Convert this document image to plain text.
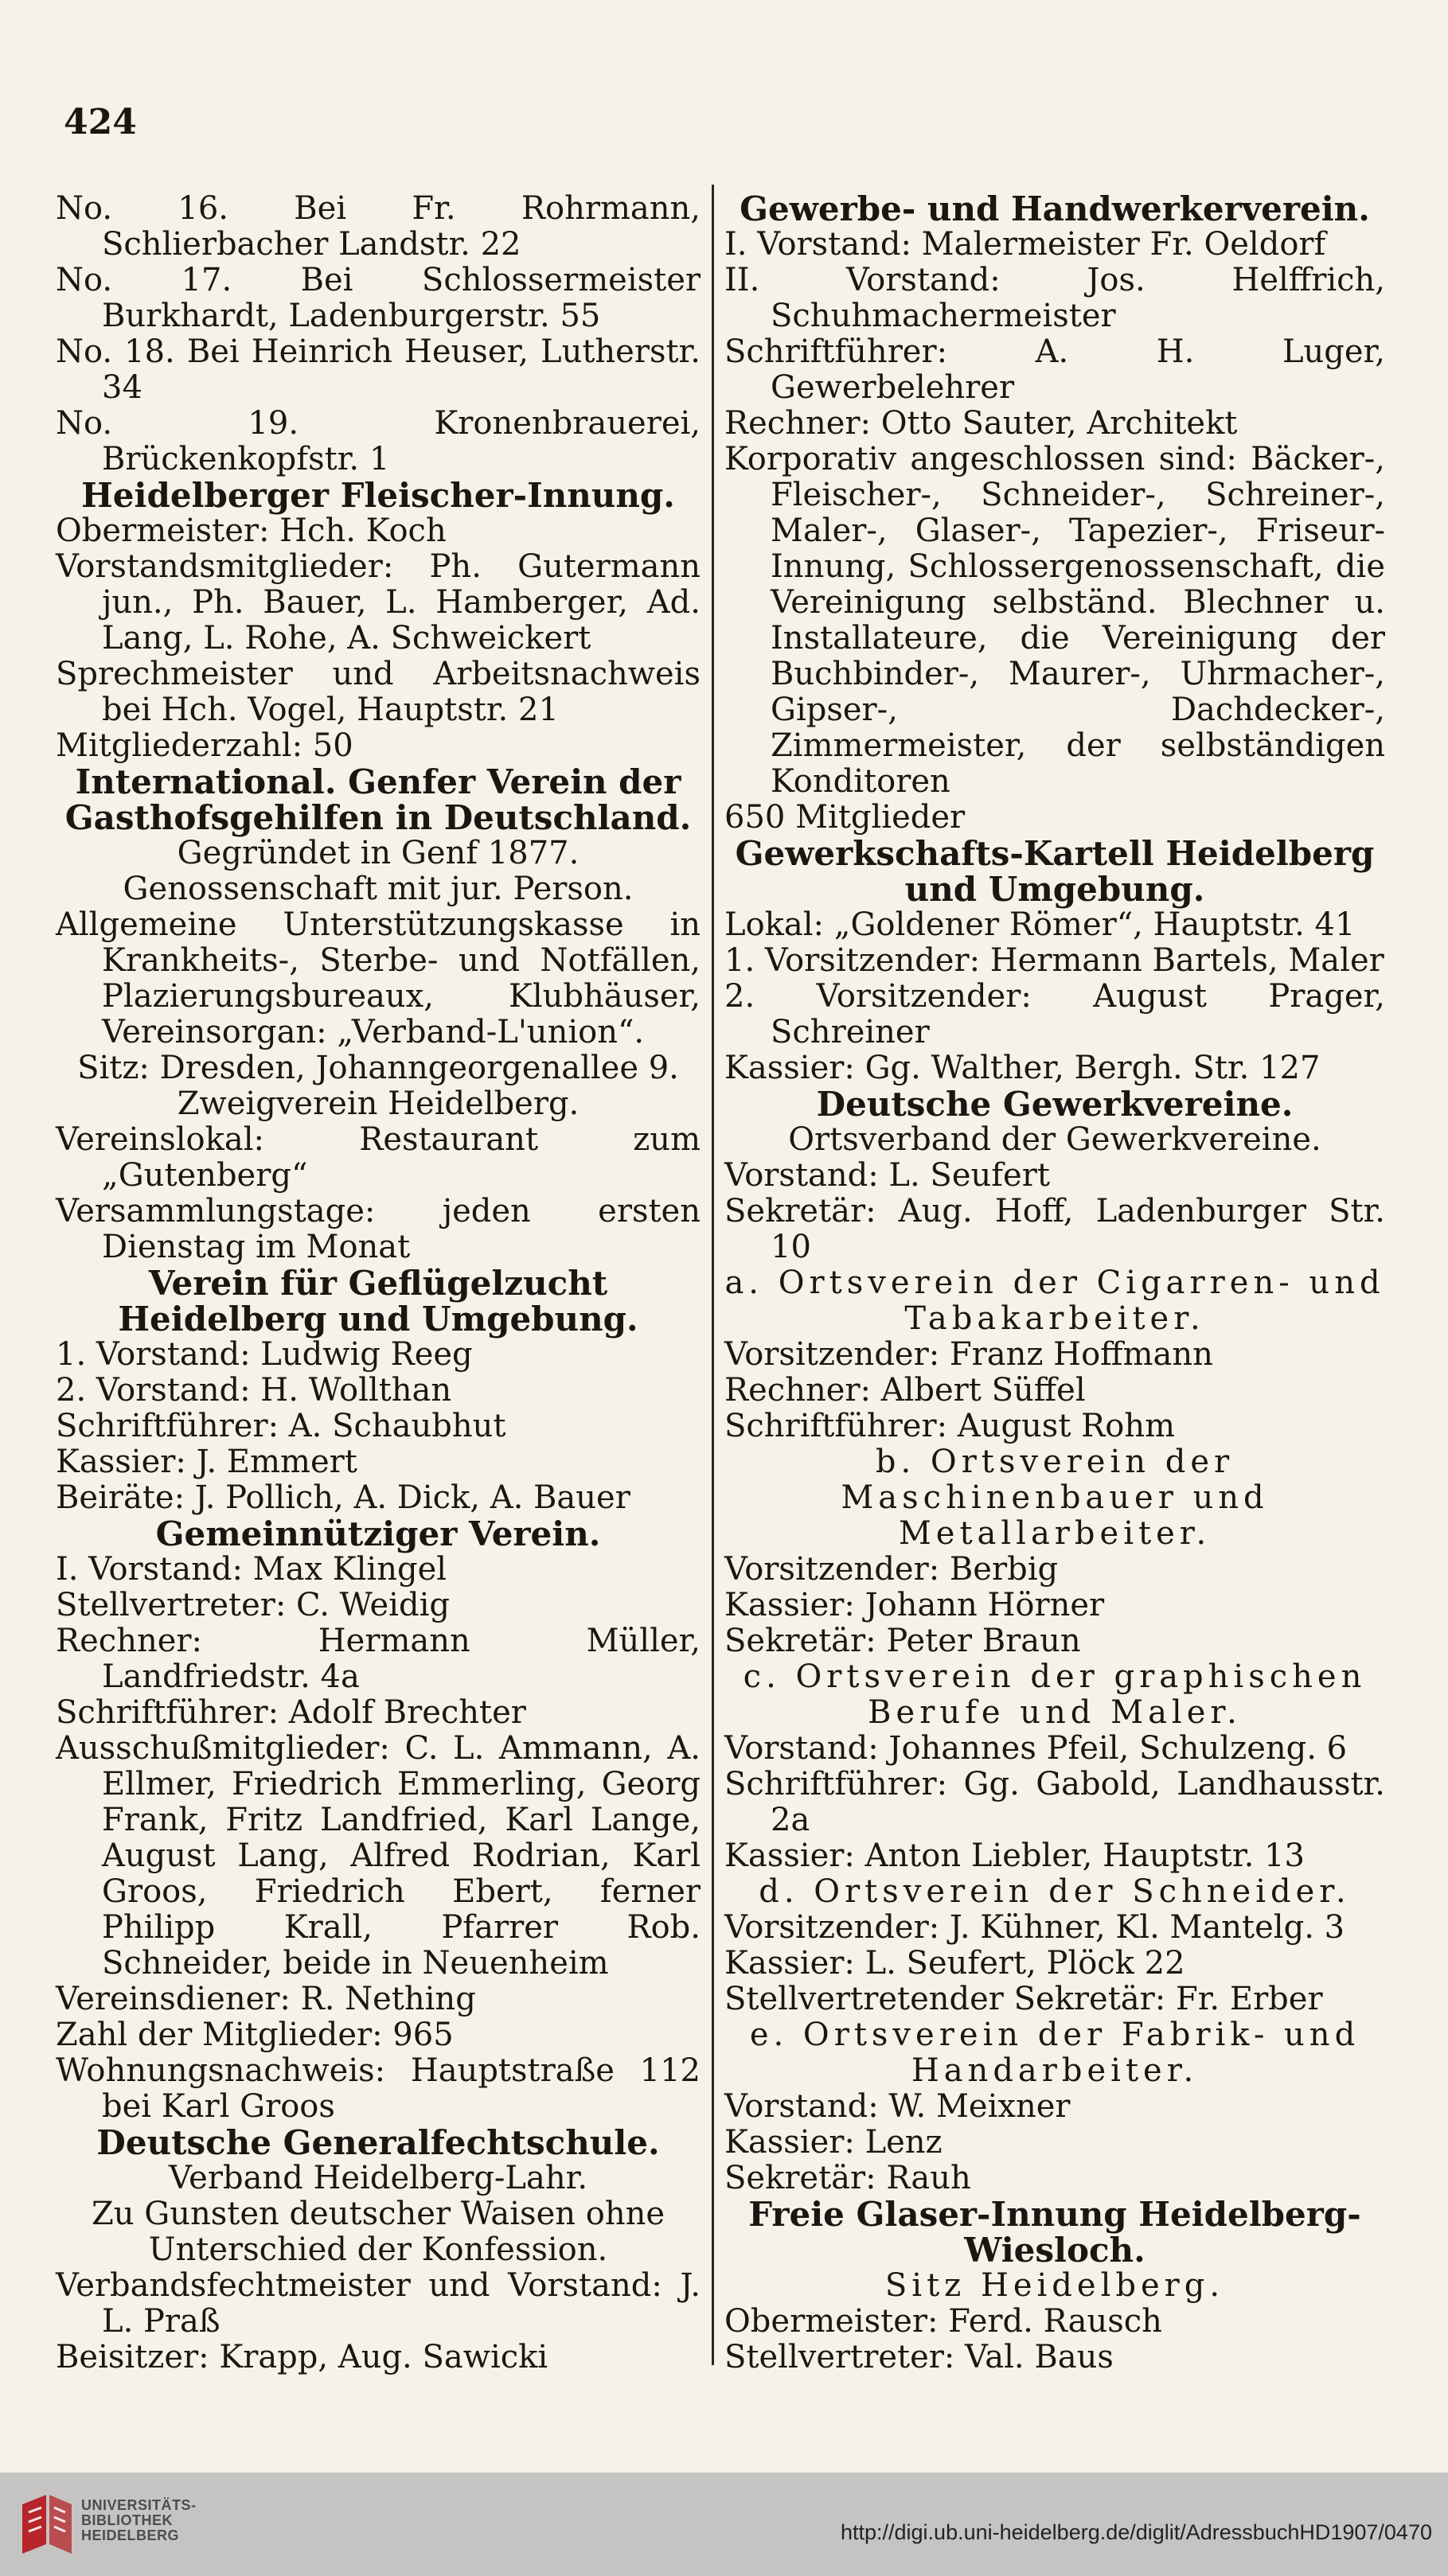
424
No. 16. Bei Fr. Rohrmann, Schlierbacher Landstr. 22
No. 17. Bei Schlossermeister Burkhardt, Ladenburgerstr. 55
No. 18. Bei Heinrich Heuser, Lutherstr. 34
No. 19. Kronenbrauerei, Brückenkopfstr. 1
Heidelberger Fleischer-Innung.
Obermeister: Hch. Koch
Vorstandsmitglieder: Ph. Gutermann jun., Ph. Bauer, L. Hamberger, Ad. Lang, L. Rohe, A. Schweickert
Sprechmeister und Arbeitsnachweis bei Hch. Vogel, Hauptstr. 21
Mitgliederzahl: 50
International. Genfer Verein der Gasthofsgehilfen in Deutschland.
Gegründet in Genf 1877.
Genossenschaft mit jur. Person.
Allgemeine Unterstützungskasse in Krankheits-, Sterbe- und Notfällen, Plazierungsbureaux, Klubhäuser, Vereinsorgan: „Verband-L'union“.
Sitz: Dresden, Johanngeorgenallee 9.
Zweigverein Heidelberg.
Vereinslokal: Restaurant zum „Gutenberg“
Versammlungstage: jeden ersten Dienstag im Monat
Verein für Geflügelzucht Heidelberg und Umgebung.
1. Vorstand: Ludwig Reeg
2. Vorstand: H. Wollthan
Schriftführer: A. Schaubhut
Kassier: J. Emmert
Beiräte: J. Pollich, A. Dick, A. Bauer
Gemeinnütziger Verein.
I. Vorstand: Max Klingel
Stellvertreter: C. Weidig
Rechner: Hermann Müller, Landfriedstr. 4a
Schriftführer: Adolf Brechter
Ausschußmitglieder: C. L. Ammann, A. Ellmer, Friedrich Emmerling, Georg Frank, Fritz Landfried, Karl Lange, August Lang, Alfred Rodrian, Karl Groos, Friedrich Ebert, ferner Philipp Krall, Pfarrer Rob. Schneider, beide in Neuenheim
Vereinsdiener: R. Nething
Zahl der Mitglieder: 965
Wohnungsnachweis: Hauptstraße 112 bei Karl Groos
Deutsche Generalfechtschule.
Verband Heidelberg-Lahr.
Zu Gunsten deutscher Waisen ohne Unterschied der Konfession.
Verbandsfechtmeister und Vorstand: J. L. Praß
Beisitzer: Krapp, Aug. Sawicki
Gewerbe- und Handwerkerverein.
I. Vorstand: Malermeister Fr. Oeldorf
II. Vorstand: Jos. Helffrich, Schuhmachermeister
Schriftführer: A. H. Luger, Gewerbelehrer
Rechner: Otto Sauter, Architekt
Korporativ angeschlossen sind: Bäcker-, Fleischer-, Schneider-, Schreiner-, Maler-, Glaser-, Tapezier-, Friseur-Innung, Schlossergenossenschaft, die Vereinigung selbständ. Blechner u. Installateure, die Vereinigung der Buchbinder-, Maurer-, Uhrmacher-, Gipser-, Dachdecker-, Zimmermeister, der selbständigen Konditoren
650 Mitglieder
Gewerkschafts-Kartell Heidelberg und Umgebung.
Lokal: „Goldener Römer“, Hauptstr. 41
1. Vorsitzender: Hermann Bartels, Maler
2. Vorsitzender: August Prager, Schreiner
Kassier: Gg. Walther, Bergh. Str. 127
Deutsche Gewerkvereine.
Ortsverband der Gewerkvereine.
Vorstand: L. Seufert
Sekretär: Aug. Hoff, Ladenburger Str. 10
a. Ortsverein der Cigarren- und Tabakarbeiter.
Vorsitzender: Franz Hoffmann
Rechner: Albert Süffel
Schriftführer: August Rohm
b. Ortsverein der Maschinenbauer und Metallarbeiter.
Vorsitzender: Berbig
Kassier: Johann Hörner
Sekretär: Peter Braun
c. Ortsverein der graphischen Berufe und Maler.
Vorstand: Johannes Pfeil, Schulzeng. 6
Schriftführer: Gg. Gabold, Landhausstr. 2a
Kassier: Anton Liebler, Hauptstr. 13
d. Ortsverein der Schneider.
Vorsitzender: J. Kühner, Kl. Mantelg. 3
Kassier: L. Seufert, Plöck 22
Stellvertretender Sekretär: Fr. Erber
e. Ortsverein der Fabrik- und Handarbeiter.
Vorstand: W. Meixner
Kassier: Lenz
Sekretär: Rauh
Freie Glaser-Innung Heidelberg-Wiesloch.
Sitz Heidelberg.
Obermeister: Ferd. Rausch
Stellvertreter: Val. Baus
UNIVERSITÄTS-
BIBLIOTHEK
HEIDELBERG	http://digi.ub.uni-heidelberg.de/diglit/AdressbuchHD1907/0470
